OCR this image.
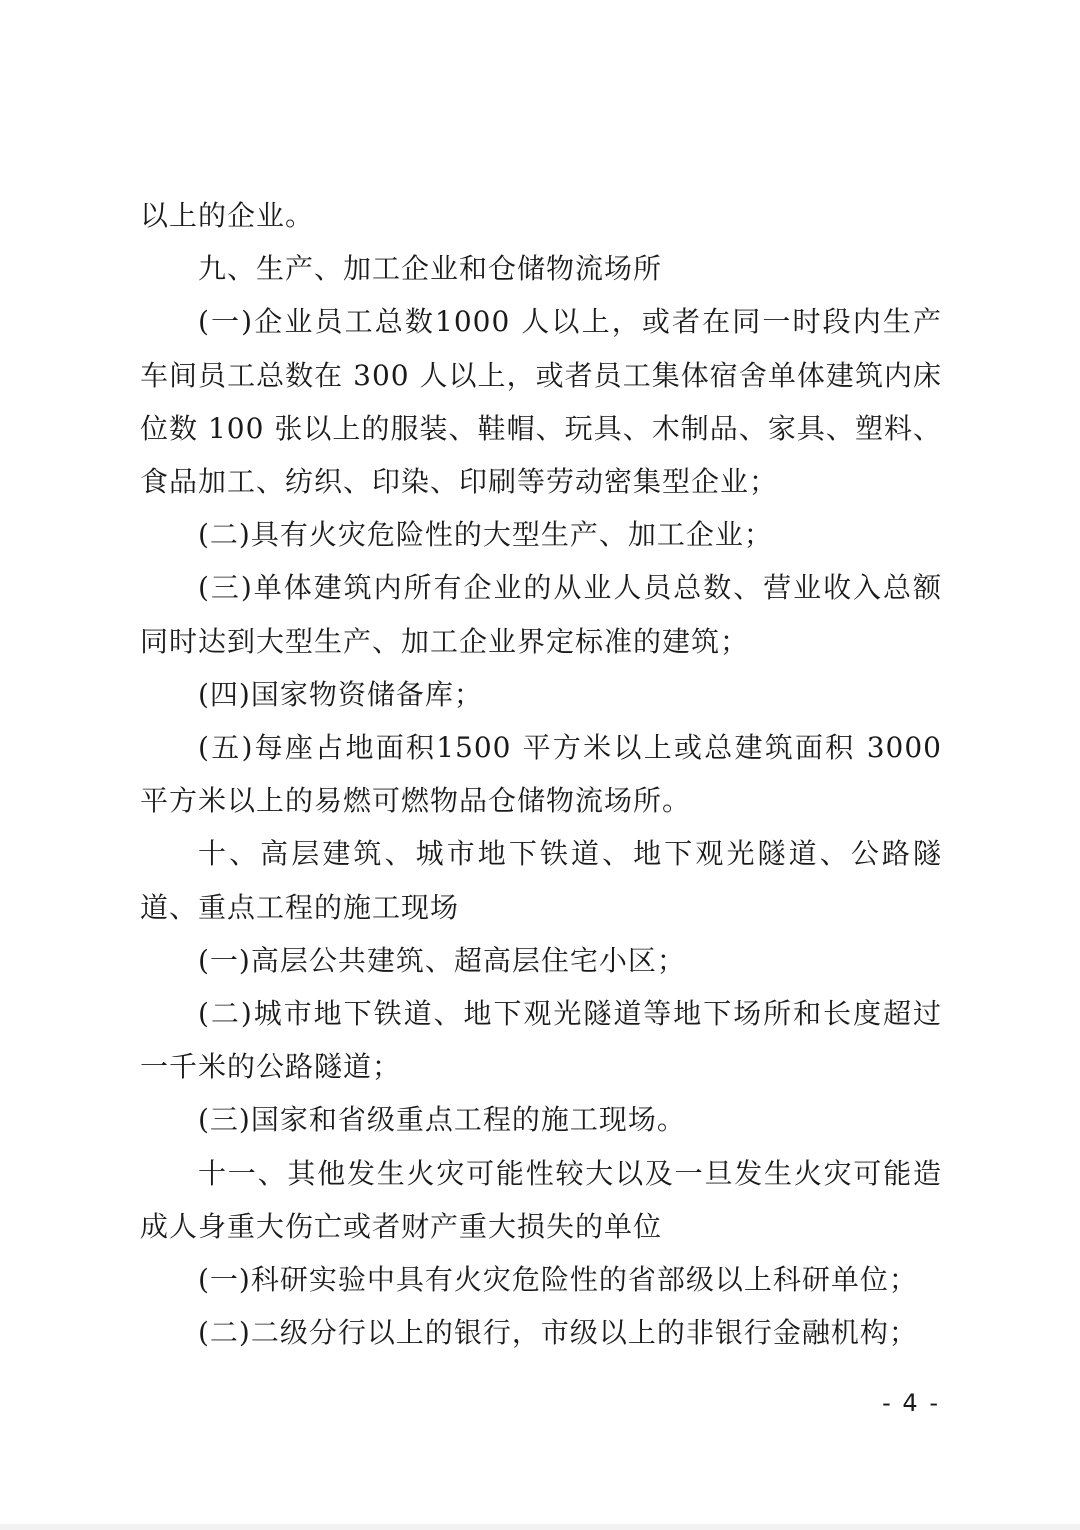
以上的企业。

九、生产、加工企业和仓储物流场所

(一)企业员工总数1000 人以上，或者在同一时段内生产车间员工总数在 300 人以上，或者员工集体宿舍单体建筑内床位数 100 张以上的服装、鞋帽、玩具、木制品、家具、塑料、食品加工、纺织、印染、印刷等劳动密集型企业；

(二)具有火灾危险性的大型生产、加工企业；

(三)单体建筑内所有企业的从业人员总数、营业收入总额同时达到大型生产、加工企业界定标准的建筑；

(四)国家物资储备库；

(五)每座占地面积1500 平方米以上或总建筑面积 3000 平方米以上的易燃可燃物品仓储物流场所。

十、高层建筑、城市地下铁道、地下观光隧道、公路隧道、重点工程的施工现场

(一)高层公共建筑、超高层住宅小区；

(二)城市地下铁道、地下观光隧道等地下场所和长度超过一千米的公路隧道；

(三)国家和省级重点工程的施工现场。

十一、其他发生火灾可能性较大以及一旦发生火灾可能造成人身重大伤亡或者财产重大损失的单位

(一)科研实验中具有火灾危险性的省部级以上科研单位；

(二)二级分行以上的银行，市级以上的非银行金融机构；

- 4 -
